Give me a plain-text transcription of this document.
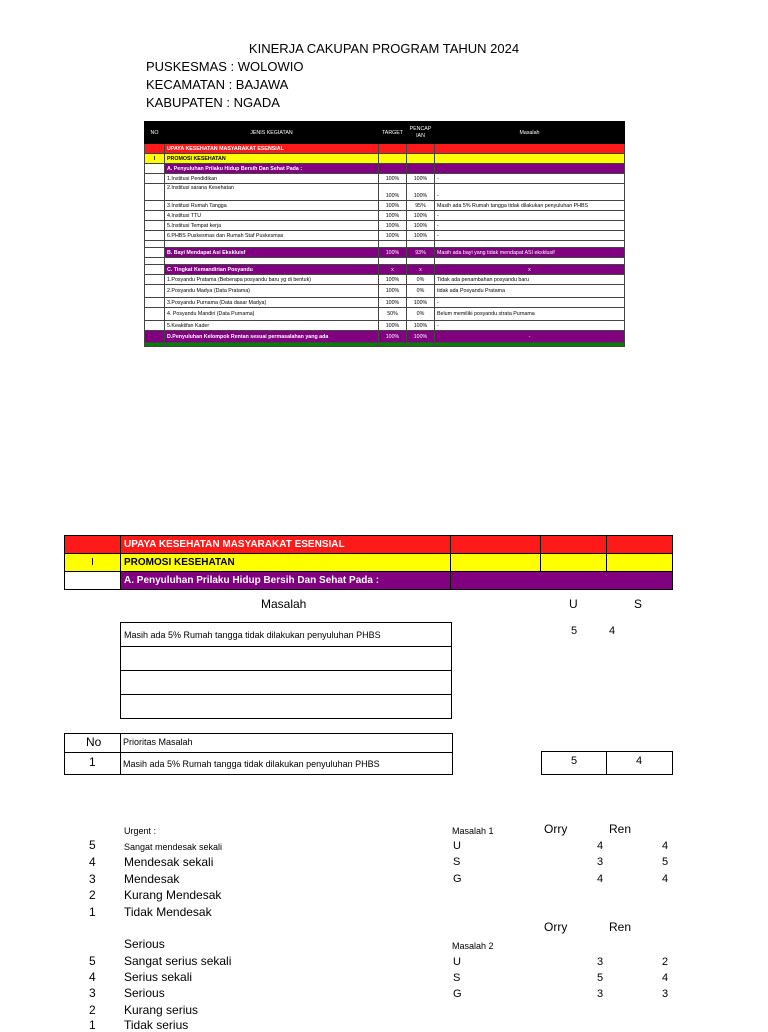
KINERJA CAKUPAN PROGRAM TAHUN 2024
PUSKESMAS : WOLOWIO
KECAMATAN : BAJAWA
KABUPATEN : NGADA
NO	JENIS KEGIATAN	TARGET	PENCAP IAN	Masalah
	UPAYA KESEHATAN MASYARAKAT ESENSIAL			
I	PROMOSI KESEHATAN			
	A. Penyuluhan Prilaku Hidup Bersih Dan Sehat Pada :			
	1.Institusi Pendidikan	100%	100%	-
	2.Institusi sarana Kesehatan	100%	100%	-
	3.Institusi Rumah Tangga	100%	95%	Masih ada 5% Rumah tangga tidak dilakukan penyuluhan PHBS
	4.Institusi TTU	100%	100%	-
	5.Institusi Tempat kerja	100%	100%	-
	6.PHBS Puskesmas dan Rumah Staf Puskesmas	100%	100%	-

	B. Bayi Mendapat Asi Ekskluisf	100%	93%	Masih ada bayi yang tidak mendapat ASI eksklusif

	C. Tingkat Kemandirian Posyandu	x	x	x
	1.Posyandu Pratama (Beberapa posyandu baru yg di bentuk)	100%	0%	Tidak ada penambahan posyandu baru
	2.Posyandu Madya (Data Pratama)	100%	0%	tidak ada Posyandu Pratama
	3.Posyandu Purnama (Data dasar Madya)	100%	100%	-
	4. Posyandu Mandiri (Data Purnama)	50%	0%	Belum memiliki posyandu strata Purnama
	5.Keaktifan Kader	100%	100%	-
	D.Penyuluhan Kelompok Rentan sesuai permasalahan yang ada	100%	100%	-

	UPAYA KESEHATAN MASYARAKAT ESENSIAL			
I	PROMOSI KESEHATAN			
	A. Penyuluhan Prilaku Hidup Bersih Dan Sehat Pada :			
Masalah	U	S
Masih ada 5% Rumah tangga tidak dilakukan penyuluhan PHBS	5	4
No Prioritas Masalah
1	Masih ada 5% Rumah tangga tidak dilakukan penyuluhan PHBS	5	4
Urgent :	Masalah 1	Orry	Ren
5	Sangat mendesak sekali
4 Mendesak sekali
3 Mendesak
2 Kurang Mendesak
1 Tidak Mendesak
U	4	4
S	3	5
G	4	4
Serious	Masalah 2
Orry	Ren
5 Sangat serius sekali
4 Serius sekali
3 Serious
2 Kurang serius
1 Tidak serius
U	3	2
S	5	4
G	3	3
